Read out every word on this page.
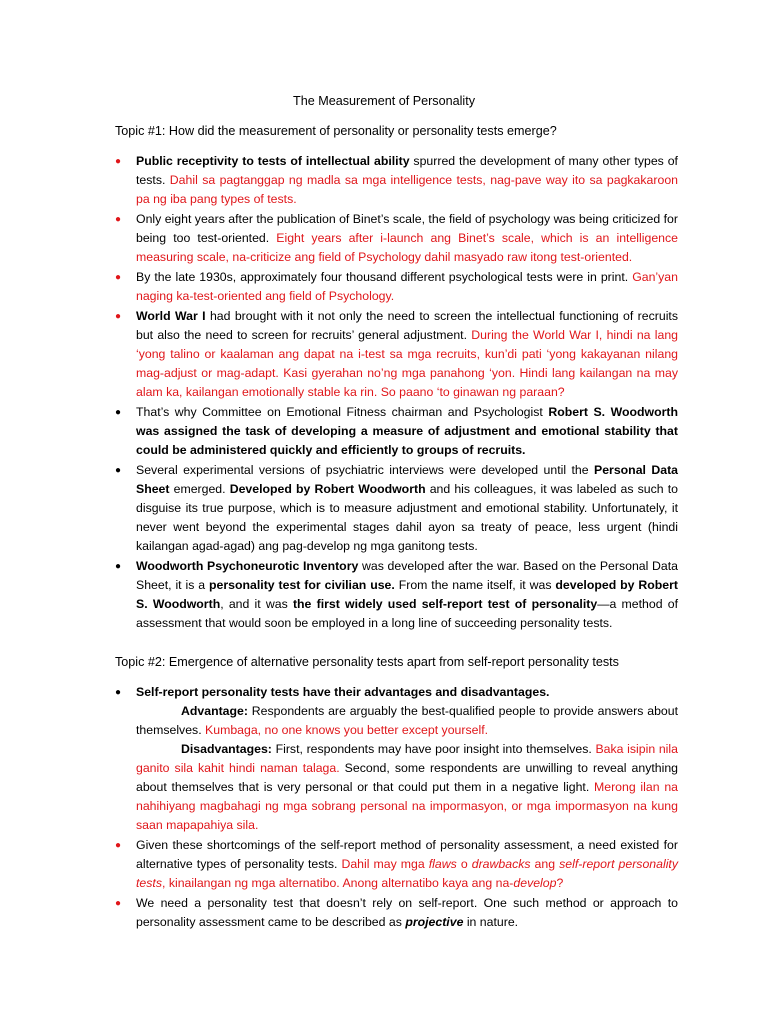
The Measurement of Personality
Topic #1: How did the measurement of personality or personality tests emerge?
● Public receptivity to tests of intellectual ability spurred the development of many other types of tests. Dahil sa pagtanggap ng madla sa mga intelligence tests, nag-pave way ito sa pagkakaroon pa ng iba pang types of tests.
● Only eight years after the publication of Binet’s scale, the field of psychology was being criticized for being too test-oriented. Eight years after i-launch ang Binet’s scale, which is an intelligence measuring scale, na-criticize ang field of Psychology dahil masyado raw itong test-oriented.
● By the late 1930s, approximately four thousand different psychological tests were in print. Gan’yan naging ka-test-oriented ang field of Psychology.
● World War I had brought with it not only the need to screen the intellectual functioning of recruits but also the need to screen for recruits’ general adjustment. During the World War I, hindi na lang ‘yong talino or kaalaman ang dapat na i-test sa mga recruits, kun’di pati ‘yong kakayanan nilang mag-adjust or mag-adapt. Kasi gyerahan no’ng mga panahong ‘yon. Hindi lang kailangan na may alam ka, kailangan emotionally stable ka rin. So paano ‘to ginawan ng paraan?
● That’s why Committee on Emotional Fitness chairman and Psychologist Robert S. Woodworth was assigned the task of developing a measure of adjustment and emotional stability that could be administered quickly and efficiently to groups of recruits.
● Several experimental versions of psychiatric interviews were developed until the Personal Data Sheet emerged. Developed by Robert Woodworth and his colleagues, it was labeled as such to disguise its true purpose, which is to measure adjustment and emotional stability. Unfortunately, it never went beyond the experimental stages dahil ayon sa treaty of peace, less urgent (hindi kailangan agad-agad) ang pag-develop ng mga ganitong tests.
● Woodworth Psychoneurotic Inventory was developed after the war. Based on the Personal Data Sheet, it is a personality test for civilian use. From the name itself, it was developed by Robert S. Woodworth, and it was the first widely used self-report test of personality—a method of assessment that would soon be employed in a long line of succeeding personality tests.
Topic #2: Emergence of alternative personality tests apart from self-report personality tests
● Self-report personality tests have their advantages and disadvantages.

Advantage: Respondents are arguably the best-qualified people to provide answers about themselves. Kumbaga, no one knows you better except yourself.

Disadvantages: First, respondents may have poor insight into themselves. Baka isipin nila ganito sila kahit hindi naman talaga. Second, some respondents are unwilling to reveal anything about themselves that is very personal or that could put them in a negative light. Merong ilan na nahihiyang magbahagi ng mga sobrang personal na impormasyon, or mga impormasyon na kung saan mapapahiya sila.

● Given these shortcomings of the self-report method of personality assessment, a need existed for alternative types of personality tests. Dahil may mga flaws o drawbacks ang self-report personality tests, kinailangan ng mga alternatibo. Anong alternatibo kaya ang na-develop?
● We need a personality test that doesn’t rely on self-report. One such method or approach to personality assessment came to be described as projective in nature.
